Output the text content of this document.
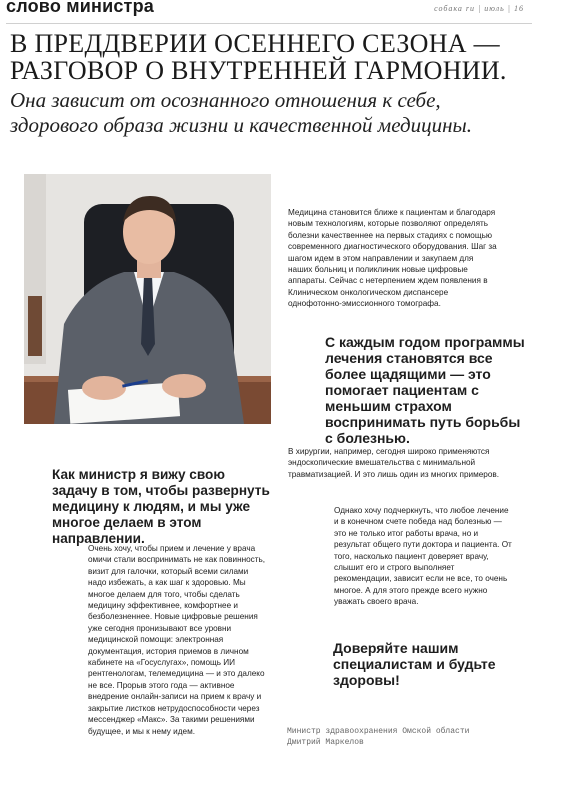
слово министра	собака ru | июль | 16
В ПРЕДДВЕРИИ ОСЕННЕГО СЕЗОНА — РАЗГОВОР О ВНУТРЕННЕЙ ГАРМОНИИ.
Она зависит от осознанного отношения к себе, здорового образа жизни и качественной медицины.
Медицина становится ближе к пациентам и благодаря новым технологиям, которые позволяют определять болезни качественнее на первых стадиях с помощью современного диагностического оборудования. Шаг за шагом идем в этом направлении и закупаем для наших больниц и поликлиник новые цифровые аппараты. Сейчас с нетерпением ждем появления в Клиническом онкологическом диспансере однофотонно-эмиссионного томографа.
С каждым годом программы лечения становятся все более щадящими — это помогает пациентам с меньшим страхом воспринимать путь борьбы с болезнью.
В хирургии, например, сегодня широко применяются эндоскопические вмешательства с минимальной травматизацией. И это лишь один из многих примеров.
Как министр я вижу свою задачу в том, чтобы развернуть медицину к людям, и мы уже многое делаем в этом направлении.
Очень хочу, чтобы прием и лечение у врача омичи стали воспринимать не как повинность, визит для галочки, который всеми силами надо избежать, а как шаг к здоровью. Мы многое делаем для того, чтобы сделать медицину эффективнее, комфортнее и безболезненнее. Новые цифровые решения уже сегодня пронизывают все уровни медицинской помощи: электронная документация, история приемов в личном кабинете на «Госуслугах», помощь ИИ рентгенологам, телемедицина — и это далеко не все. Прорыв этого года — активное внедрение онлайн-записи на прием к врачу и закрытие листков нетрудоспособности через мессенджер «Макс». За такими решениями будущее, и мы к нему идем.
Однако хочу подчеркнуть, что любое лечение и в конечном счете победа над болезнью — это не только итог работы врача, но и результат общего пути доктора и пациента. От того, насколько пациент доверяет врачу, слышит его и строго выполняет рекомендации, зависит если не все, то очень многое. А для этого прежде всего нужно уважать своего врача.
Доверяйте нашим специалистам и будьте здоровы!
Министр здравоохранения Омской области Дмитрий Маркелов
